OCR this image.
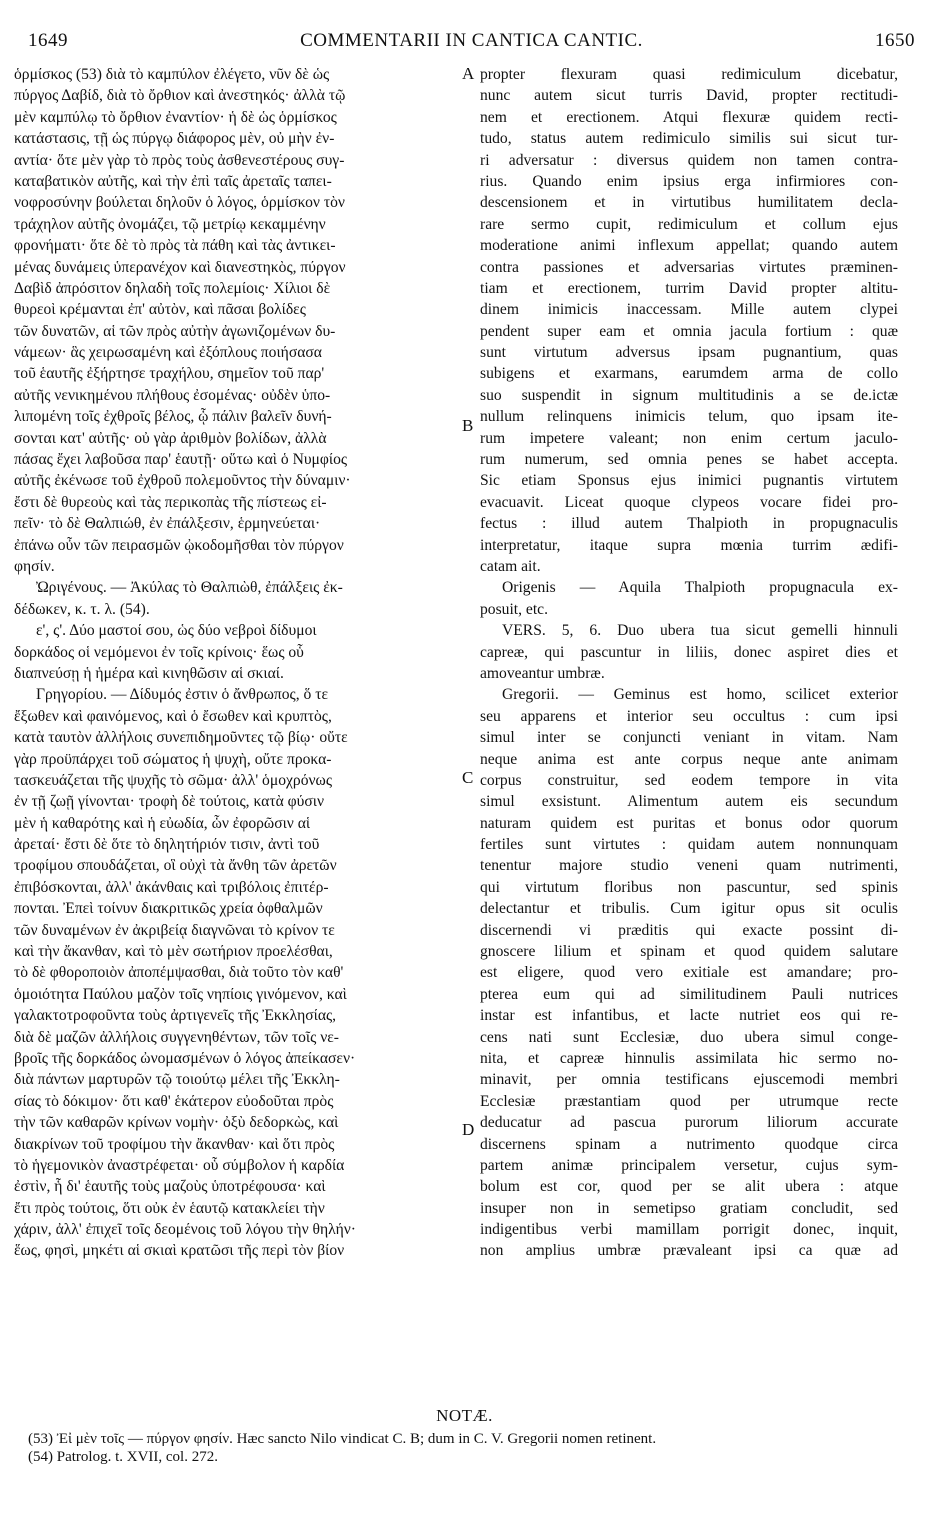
1649	COMMENTARII IN CANTICA CANTIC.	1650
ὁρμίσκος (53) διὰ τὸ καμπύλον ἐλέγετο, νῦν δὲ ὡς
πύργος Δαβίδ, διὰ τὸ ὄρθιον καὶ ἀνεστηκός· ἀλλὰ τῷ
μὲν καμπύλῳ τὸ ὄρθιον ἐναντίον· ἡ δὲ ὡς ὁρμίσκος
κατάστασις, τῇ ὡς πύργῳ διάφορος μὲν, οὐ μὴν ἐν-
αντία· ὅτε μὲν γὰρ τὸ πρὸς τοὺς ἀσθενεστέρους συγ-
καταβατικὸν αὐτῆς, καὶ τὴν ἐπὶ ταῖς ἀρεταῖς ταπει-
νοφροσύνην βούλεται δηλοῦν ὁ λόγος, ὁρμίσκον τὸν
τράχηλον αὐτῆς ὀνομάζει, τῷ μετρίῳ κεκαμμένην
φρονήματι· ὅτε δὲ τὸ πρὸς τὰ πάθη καὶ τὰς ἀντικει-
μένας δυνάμεις ὑπερανέχον καὶ διανεστηκὸς, πύργον
Δαβὶδ ἀπρόσιτον δηλαδὴ τοῖς πολεμίοις· Χίλιοι δὲ
θυρεοὶ κρέμανται ἐπ' αὐτὸν, καὶ πᾶσαι βολίδες
τῶν δυνατῶν, αἱ τῶν πρὸς αὐτὴν ἀγωνιζομένων δυ-
νάμεων· ἃς χειρωσαμένη καὶ ἐξόπλους ποιήσασα
τοῦ ἑαυτῆς ἐξήρτησε τραχήλου, σημεῖον τοῦ παρ'
αὐτῆς νενικημένου πλήθους ἐσομένας· οὐδὲν ὑπο-
λιπομένη τοῖς ἐχθροῖς βέλος, ᾧ πάλιν βαλεῖν δυνή-
σονται κατ' αὐτῆς· οὐ γὰρ ἀριθμὸν βολίδων, ἀλλὰ
πάσας ἔχει λαβοῦσα παρ' ἑαυτῇ· οὕτω καὶ ὁ Νυμφίος
αὐτῆς ἐκένωσε τοῦ ἐχθροῦ πολεμοῦντος τὴν δύναμιν·
ἔστι δὲ θυρεοὺς καὶ τὰς περικοπὰς τῆς πίστεως εἰ-
πεῖν· τὸ δὲ Θαλπιώθ, ἐν ἐπάλξεσιν, ἑρμηνεύεται·
ἐπάνω οὖν τῶν πειρασμῶν ᾠκοδομῆσθαι τὸν πύργον
φησίν.
Ὠριγένους. — Ἀκύλας τὸ Θαλπιὼθ, ἐπάλξεις ἐκ-
δέδωκεν, κ. τ. λ. (54).
ε', ς'. Δύο μαστοί σου, ὡς δύο νεβροὶ δίδυμοι
δορκάδος οἱ νεμόμενοι ἐν τοῖς κρίνοις· ἕως οὗ
διαπνεύσῃ ἡ ἡμέρα καὶ κινηθῶσιν αἱ σκιαί.
Γρηγορίου. — Δίδυμός ἐστιν ὁ ἄνθρωπος, ὅ τε
ἔξωθεν καὶ φαινόμενος, καὶ ὁ ἔσωθεν καὶ κρυπτὸς,
κατὰ ταυτὸν ἀλλήλοις συνεπιδημοῦντες τῷ βίῳ· οὔτε
γὰρ προϋπάρχει τοῦ σώματος ἡ ψυχὴ, οὔτε προκα-
τασκευάζεται τῆς ψυχῆς τὸ σῶμα· ἀλλ' ὁμοχρόνως
ἐν τῇ ζωῇ γίνονται· τροφὴ δὲ τούτοις, κατὰ φύσιν
μὲν ἡ καθαρότης καὶ ἡ εὐωδία, ὧν ἐφορῶσιν αἱ
ἀρεταί· ἔστι δὲ ὅτε τὸ δηλητήριόν τισιν, ἀντὶ τοῦ
τροφίμου σπουδάζεται, οἳ οὐχὶ τὰ ἄνθη τῶν ἀρετῶν
ἐπιβόσκονται, ἀλλ' ἀκάνθαις καὶ τριβόλοις ἐπιτέρ-
πονται. Ἐπεὶ τοίνυν διακριτικῶς χρεία ὀφθαλμῶν
τῶν δυναμένων ἐν ἀκριβείᾳ διαγνῶναι τὸ κρίνον τε
καὶ τὴν ἄκανθαν, καὶ τὸ μὲν σωτήριον προελέσθαι,
τὸ δὲ φθοροποιὸν ἀποπέμψασθαι, διὰ τοῦτο τὸν καθ'
ὁμοιότητα Παύλου μαζὸν τοῖς νηπίοις γινόμενον, καὶ
γαλακτοτροφοῦντα τοὺς ἀρτιγενεῖς τῆς Ἐκκλησίας,
διὰ δὲ μαζῶν ἀλλήλοις συγγενηθέντων, τῶν τοῖς νε-
βροῖς τῆς δορκάδος ὠνομασμένων ὁ λόγος ἀπείκασεν·
διὰ πάντων μαρτυρῶν τῷ τοιούτῳ μέλει τῆς Ἐκκλη-
σίας τὸ δόκιμον· ὅτι καθ' ἑκάτερον εὐοδοῦται πρὸς
τὴν τῶν καθαρῶν κρίνων νομὴν· ὀξὺ δεδορκὼς, καὶ
διακρίνων τοῦ τροφίμου τὴν ἄκανθαν· καὶ ὅτι πρὸς
τὸ ἡγεμονικὸν ἀναστρέφεται· οὗ σύμβολον ἡ καρδία
ἐστὶν, ἧ δι' ἑαυτῆς τοὺς μαζοὺς ὑποτρέφουσα· καὶ
ἔτι πρὸς τούτοις, ὅτι οὐκ ἐν ἑαυτῷ κατακλείει τὴν
χάριν, ἀλλ' ἐπιχεῖ τοῖς δεομένοις τοῦ λόγου τὴν θηλήν·
ἕως, φησὶ, μηκέτι αἱ σκιαὶ κρατῶσι τῆς περὶ τὸν βίον
propter flexuram quasi redimiculum dicebatur,
nunc autem sicut turris David, propter rectitudi-
nem et erectionem. Atqui flexuræ quidem recti-
tudo, status autem redimiculo similis sui sicut tur-
ri adversatur : diversus quidem non tamen contra-
rius. Quando enim ipsius erga infirmiores con-
descensionem et in virtutibus humilitatem decla-
rare sermo cupit, redimiculum et collum ejus
moderatione animi inflexum appellat; quando autem
contra passiones et adversarias virtutes præminen-
tiam et erectionem, turrim David propter altitu-
dinem inimicis inaccessam. Mille autem clypei
pendent super eam et omnia jacula fortium : quæ
sunt virtutum adversus ipsam pugnantium, quas
subigens et exarmans, earumdem arma de collo
suo suspendit in signum multitudinis a se de.ictæ
nullum relinquens inimicis telum, quo ipsam ite-
rum impetere valeant; non enim certum jaculo-
rum numerum, sed omnia penes se habet accepta.
Sic etiam Sponsus ejus inimici pugnantis virtutem
evacuavit. Liceat quoque clypeos vocare fidei pro-
fectus : illud autem Thalpioth in propugnaculis
interpretatur, itaque supra mœnia turrim ædifi-
catam ait.
Origenis — Aquila Thalpioth propugnacula ex-
posuit, etc.
VERS. 5, 6. Duo ubera tua sicut gemelli hinnuli
capreæ, qui pascuntur in liliis, donec aspiret dies et
amoveantur umbræ.
Gregorii. — Geminus est homo, scilicet exterior
seu apparens et interior seu occultus : cum ipsi
simul inter se conjuncti veniant in vitam. Nam
neque anima est ante corpus neque ante animam
corpus construitur, sed eodem tempore in vita
simul exsistunt. Alimentum autem eis secundum
naturam quidem est puritas et bonus odor quorum
fertiles sunt virtutes : quidam autem nonnunquam
tenentur majore studio veneni quam nutrimenti,
qui virtutum floribus non pascuntur, sed spinis
delectantur et tribulis. Cum igitur opus sit oculis
discernendi vi præditis qui exacte possint di-
gnoscere lilium et spinam et quod quidem salutare
est eligere, quod vero exitiale est amandare; pro-
pterea eum qui ad similitudinem Pauli nutrices
instar est infantibus, et lacte nutriet eos qui re-
cens nati sunt Ecclesiæ, duo ubera simul conge-
nita, et capreæ hinnulis assimilata hic sermo no-
minavit, per omnia testificans ejuscemodi membri
Ecclesiæ præstantiam quod per utrumque recte
deducatur ad pascua purorum liliorum accurate
discernens spinam a nutrimento quodque circa
partem animæ principalem versetur, cujus sym-
bolum est cor, quod per se alit ubera : atque
insuper non in semetipso gratiam concludit, sed
indigentibus verbi mamillam porrigit donec, inquit,
non amplius umbræ prævaleant ipsi ca quæ ad
A
B
C
D
NOTÆ.
(53) Ἐἰ μὲν τοῖς — πύργον φησίν. Hæc sancto Nilo vindicat C. B; dum in C. V. Gregorii nomen retinent.
(54) Patrolog. t. XVII, col. 272.
